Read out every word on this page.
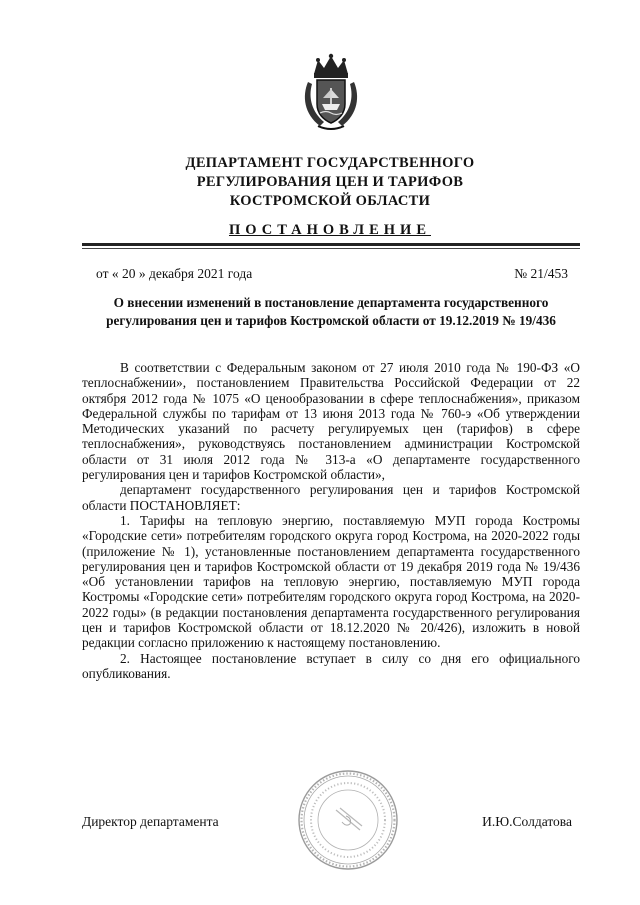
ДЕПАРТАМЕНТ ГОСУДАРСТВЕННОГО
РЕГУЛИРОВАНИЯ ЦЕН И ТАРИФОВ
КОСТРОМСКОЙ ОБЛАСТИ
ПОСТАНОВЛЕНИЕ
от « 20 » декабря 2021 года	№ 21/453
О внесении изменений в постановление департамента государственного
регулирования цен и тарифов Костромской области от 19.12.2019 № 19/436

В соответствии с Федеральным законом от 27 июля 2010 года № 190-ФЗ «О теплоснабжении», постановлением Правительства Российской Федерации от 22 октября 2012 года № 1075 «О ценообразовании в сфере теплоснабжения», приказом Федеральной службы по тарифам от 13 июня 2013 года № 760-э «Об утверждении Методических указаний по расчету регулируемых цен (тарифов) в сфере теплоснабжения», руководствуясь постановлением администрации Костромской области от 31 июля 2012 года № 313-а «О департаменте государственного регулирования цен и тарифов Костромской области»,

департамент государственного регулирования цен и тарифов Костромской области ПОСТАНОВЛЯЕТ:

1. Тарифы на тепловую энергию, поставляемую МУП города Костромы «Городские сети» потребителям городского округа город Кострома, на 2020-2022 годы (приложение № 1), установленные постановлением департамента государственного регулирования цен и тарифов Костромской области от 19 декабря 2019 года № 19/436 «Об установлении тарифов на тепловую энергию, поставляемую МУП города Костромы «Городские сети» потребителям городского округа город Кострома, на 2020-2022 годы» (в редакции постановления департамента государственного регулирования цен и тарифов Костромской области от 18.12.2020 № 20/426), изложить в новой редакции согласно приложению к настоящему постановлению.

2. Настоящее постановление вступает в силу со дня его официального опубликования.

Директор департамента	И.Ю.Солдатова
